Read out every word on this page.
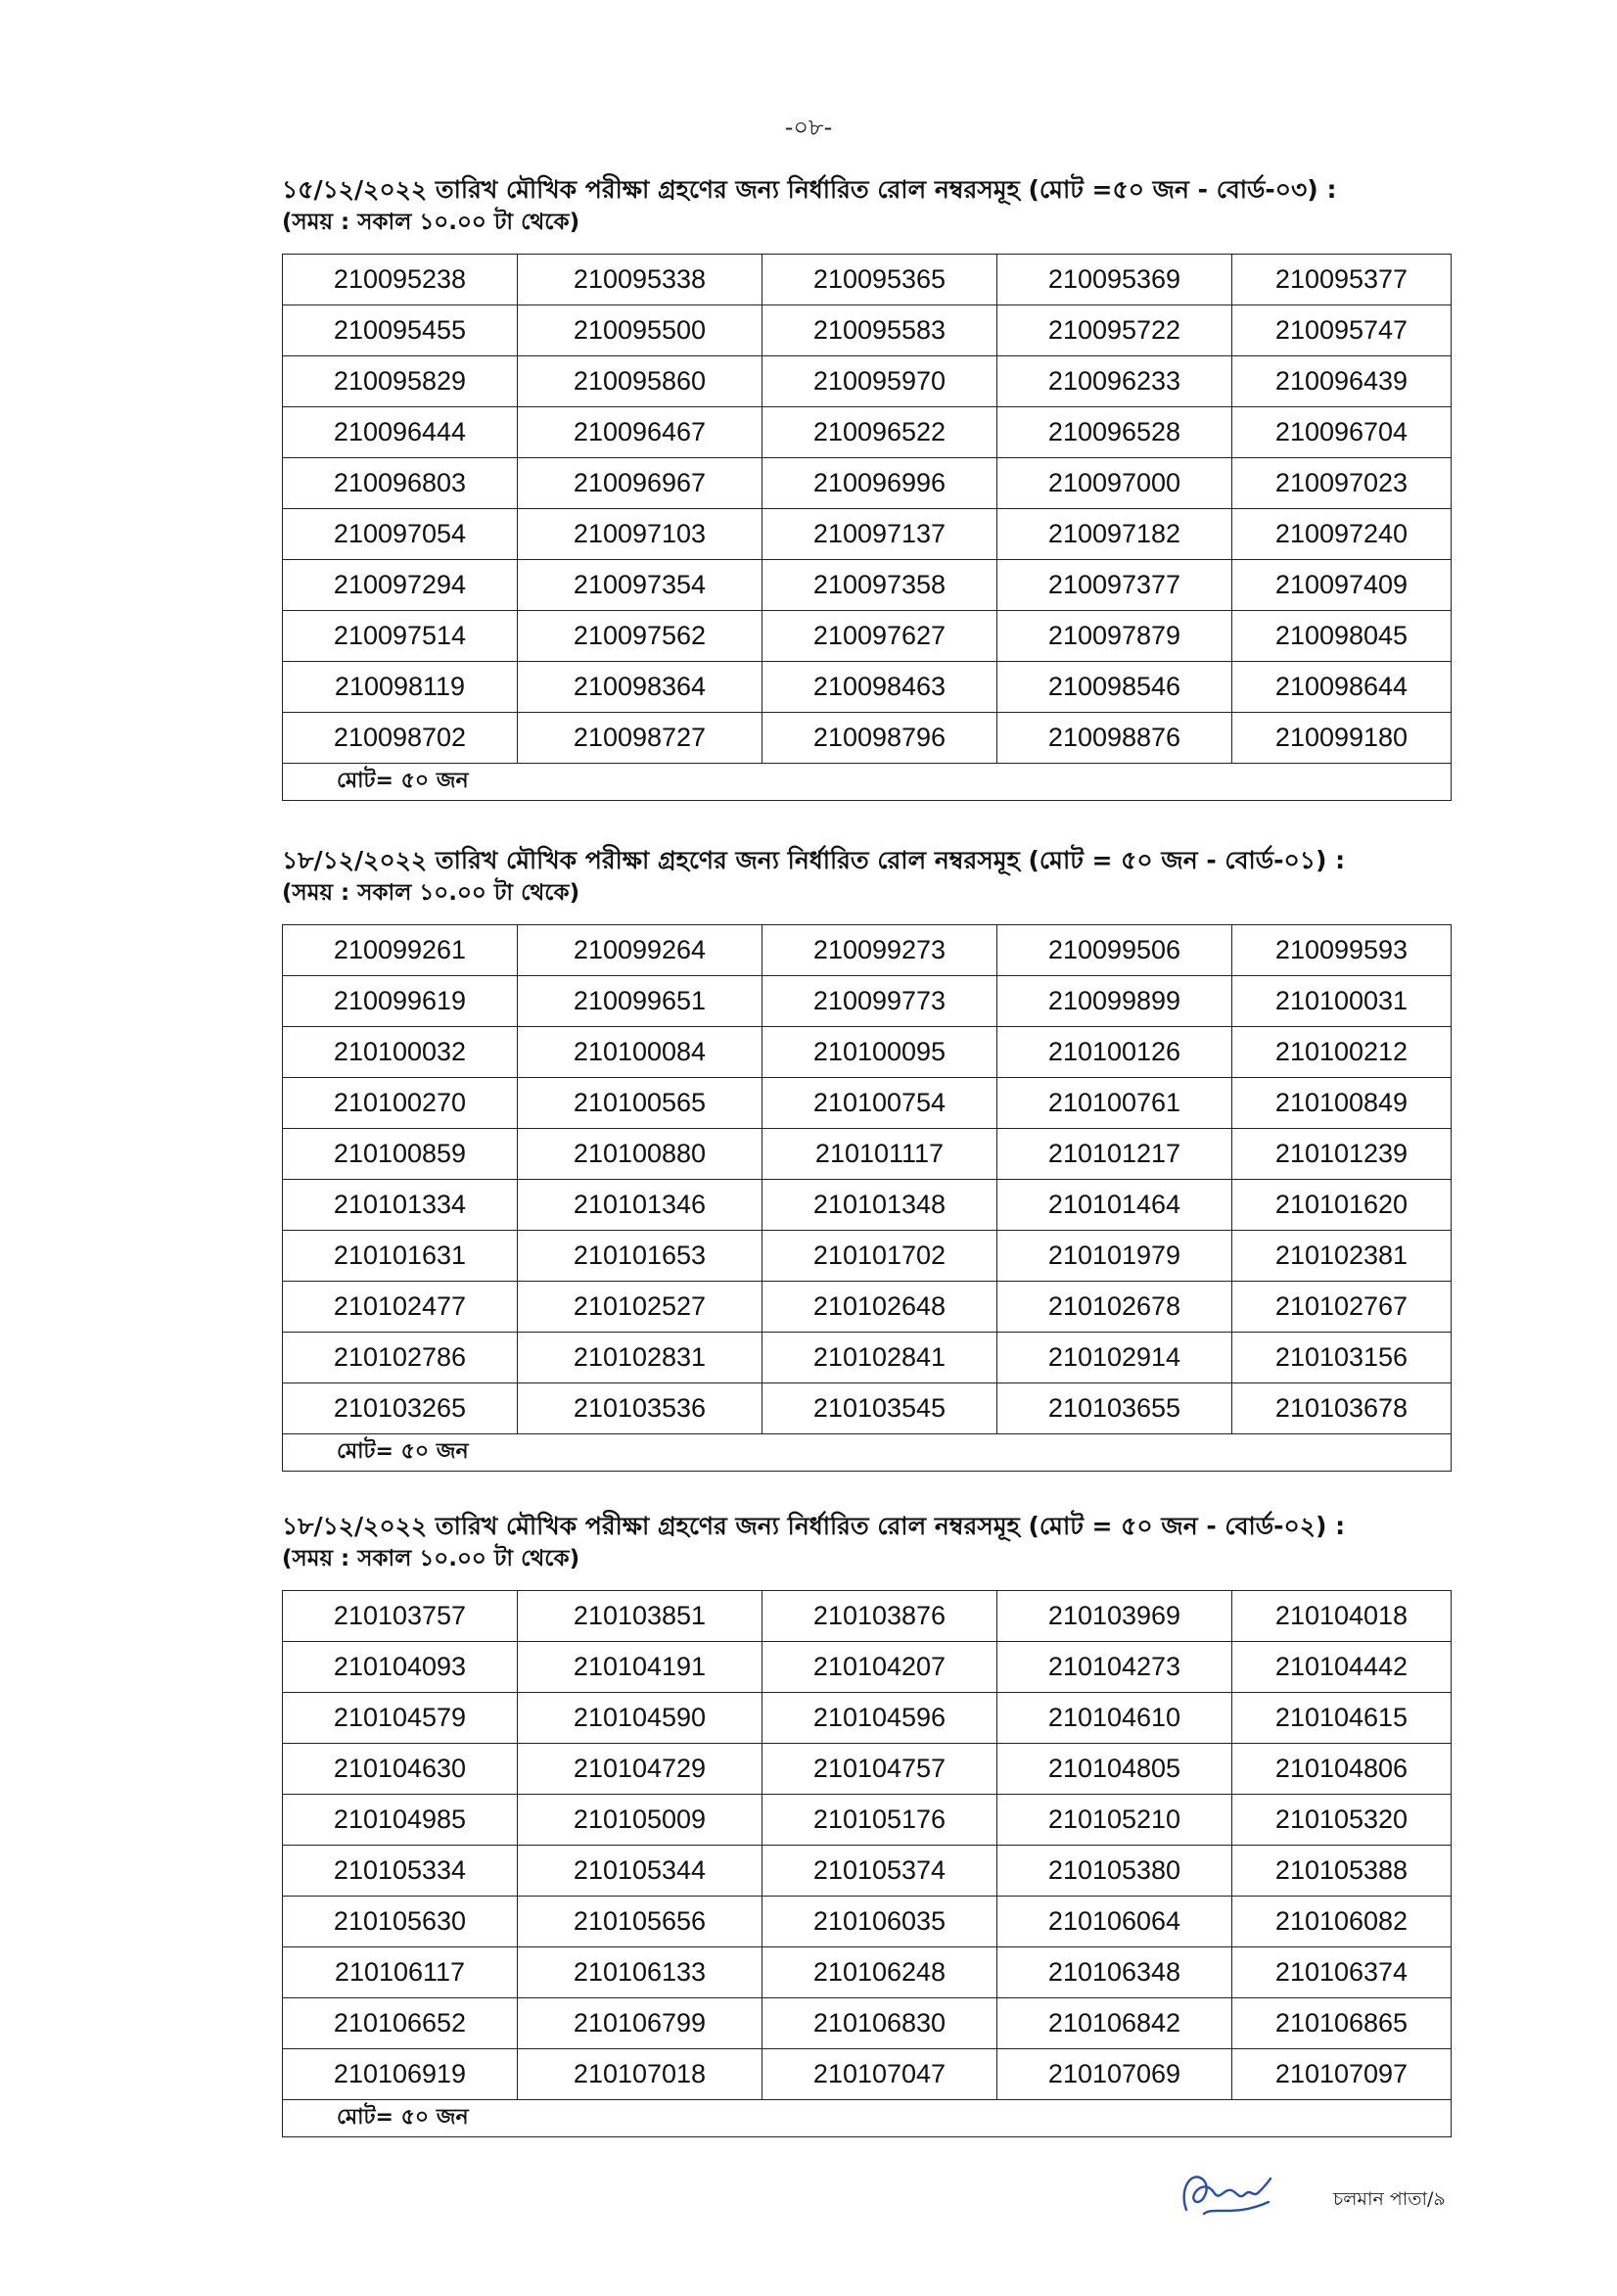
-০৮-
১৫/১২/২০২২ তারিখ মৌখিক পরীক্ষা গ্রহণের জন্য নির্ধারিত রোল নম্বরসমূহ (মোট =৫০ জন - বোর্ড-০৩) :
(সময় : সকাল ১০.০০ টা থেকে)
210095238	210095338	210095365	210095369	210095377
210095455	210095500	210095583	210095722	210095747
210095829	210095860	210095970	210096233	210096439
210096444	210096467	210096522	210096528	210096704
210096803	210096967	210096996	210097000	210097023
210097054	210097103	210097137	210097182	210097240
210097294	210097354	210097358	210097377	210097409
210097514	210097562	210097627	210097879	210098045
210098119	210098364	210098463	210098546	210098644
210098702	210098727	210098796	210098876	210099180
মোট= ৫০ জন				
১৮/১২/২০২২ তারিখ মৌখিক পরীক্ষা গ্রহণের জন্য নির্ধারিত রোল নম্বরসমূহ (মোট = ৫০ জন - বোর্ড-০১) :
(সময় : সকাল ১০.০০ টা থেকে)
210099261	210099264	210099273	210099506	210099593
210099619	210099651	210099773	210099899	210100031
210100032	210100084	210100095	210100126	210100212
210100270	210100565	210100754	210100761	210100849
210100859	210100880	210101117	210101217	210101239
210101334	210101346	210101348	210101464	210101620
210101631	210101653	210101702	210101979	210102381
210102477	210102527	210102648	210102678	210102767
210102786	210102831	210102841	210102914	210103156
210103265	210103536	210103545	210103655	210103678
মোট= ৫০ জন				
১৮/১২/২০২২ তারিখ মৌখিক পরীক্ষা গ্রহণের জন্য নির্ধারিত রোল নম্বরসমূহ (মোট = ৫০ জন - বোর্ড-০২) :
(সময় : সকাল ১০.০০ টা থেকে)
210103757	210103851	210103876	210103969	210104018
210104093	210104191	210104207	210104273	210104442
210104579	210104590	210104596	210104610	210104615
210104630	210104729	210104757	210104805	210104806
210104985	210105009	210105176	210105210	210105320
210105334	210105344	210105374	210105380	210105388
210105630	210105656	210106035	210106064	210106082
210106117	210106133	210106248	210106348	210106374
210106652	210106799	210106830	210106842	210106865
210106919	210107018	210107047	210107069	210107097
মোট= ৫০ জন				
চলমান পাতা/৯
